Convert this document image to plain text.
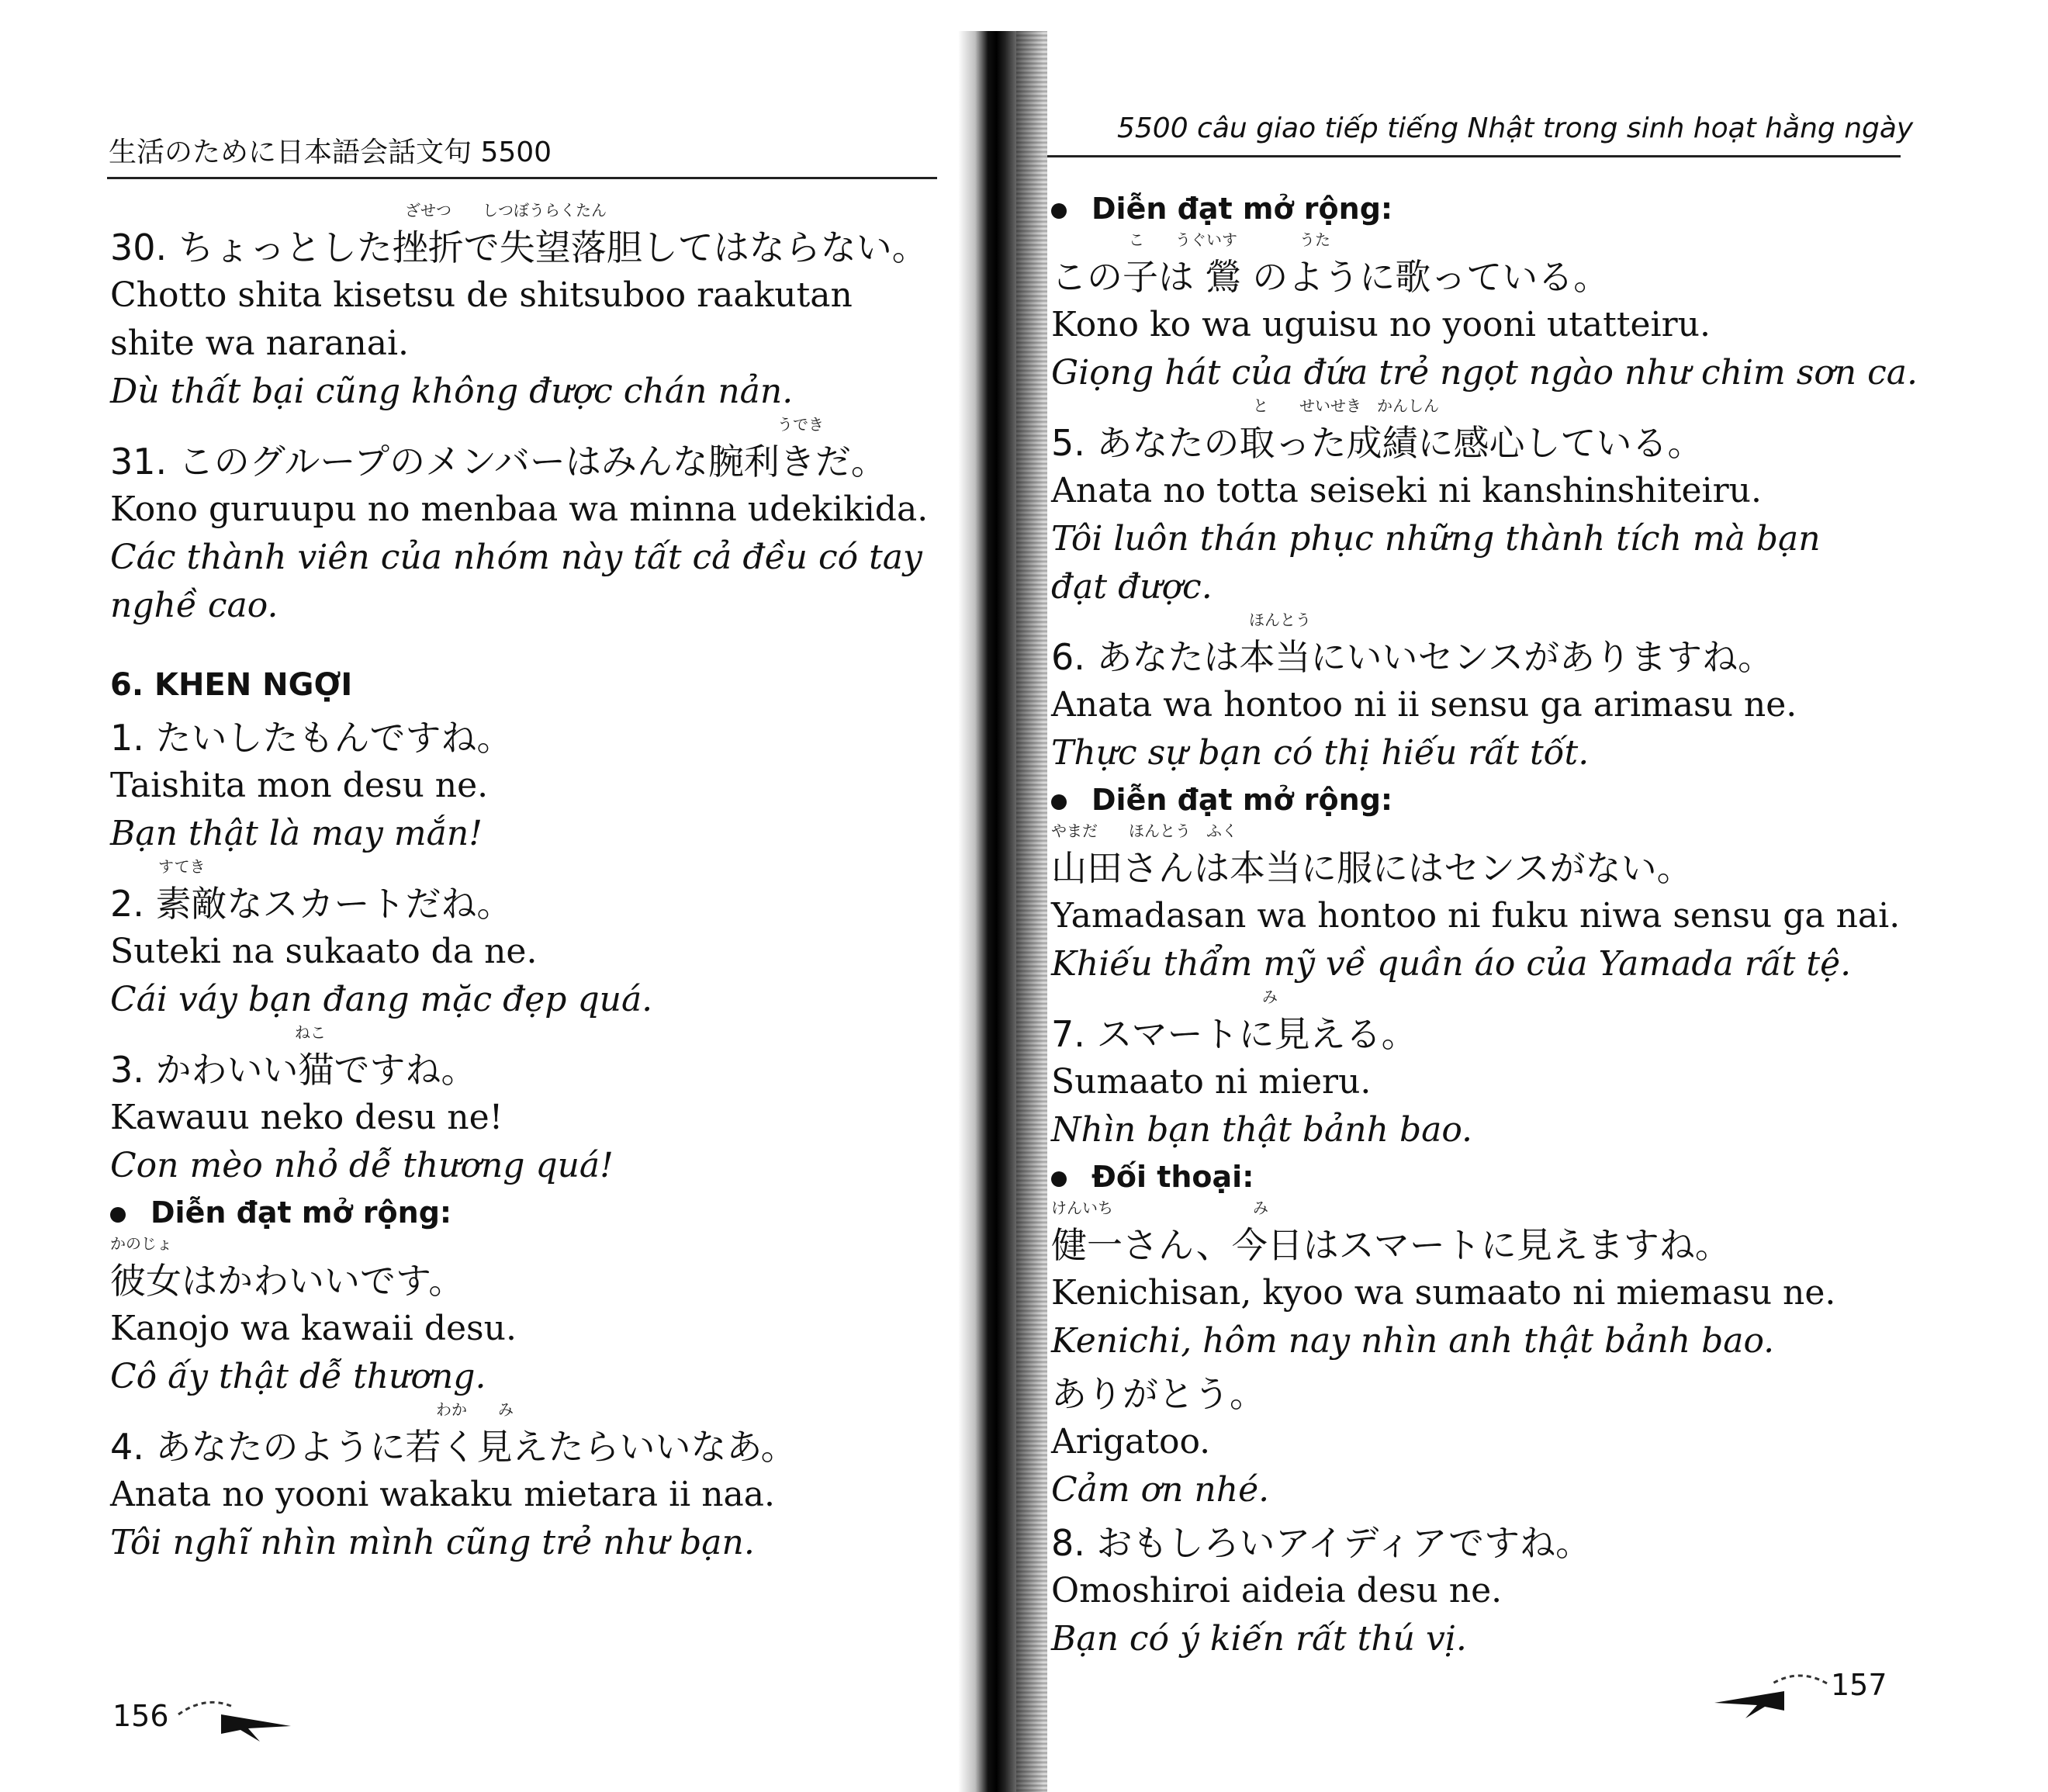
生活のために日本語会話文句 5500
ざせつ　　しつぼうらくたん
30. ちょっとした挫折で失望落胆してはならない。
Chotto shita kisetsu de shitsuboo raakutan
shite wa naranai.
Dù thất bại cũng không được chán nản.
うでき
31. このグループのメンバーはみんな腕利きだ。
Kono guruupu no menbaa wa minna udekikida.
Các thành viên của nhóm này tất cả đều có tay
nghề cao.
6. KHEN NGỢI
1. たいしたもんですね。
Taishita mon desu ne.
Bạn thật là may mắn!
すてき
2. 素敵なスカートだね。
Suteki na sukaato da ne.
Cái váy bạn đang mặc đẹp quá.
ねこ
3. かわいい猫ですね。
Kawauu neko desu ne!
Con mèo nhỏ dễ thương quá!
Diễn đạt mở rộng:
かのじょ
彼女はかわいいです。
Kanojo wa kawaii desu.
Cô ấy thật dễ thương.
わか　　み
4. あなたのように若く見えたらいいなあ。
Anata no yooni wakaku mietara ii naa.
Tôi nghĩ nhìn mình cũng trẻ như bạn.
156
5500 câu giao tiếp tiếng Nhật trong sinh hoạt hằng ngày
Diễn đạt mở rộng:
こ　　うぐいす　　　　うた
この子は 鶯 のように歌っている。
Kono ko wa uguisu no yooni utatteiru.
Giọng hát của đứa trẻ ngọt ngào như chim sơn ca.
と　　せいせき　かんしん
5. あなたの取った成績に感心している。
Anata no totta seiseki ni kanshinshiteiru.
Tôi luôn thán phục những thành tích mà bạn
đạt được.
ほんとう
6. あなたは本当にいいセンスがありますね。
Anata wa hontoo ni ii sensu ga arimasu ne.
Thực sự bạn có thị hiếu rất tốt.
Diễn đạt mở rộng:
やまだ　　ほんとう　ふく
山田さんは本当に服にはセンスがない。
Yamadasan wa hontoo ni fuku niwa sensu ga nai.
Khiếu thẩm mỹ về quần áo của Yamada rất tệ.
み
7. スマートに見える。
Sumaato ni mieru.
Nhìn bạn thật bảnh bao.
Đối thoại:
けんいち　　　　　　　　　み
健一さん、今日はスマートに見えますね。
Kenichisan, kyoo wa sumaato ni miemasu ne.
Kenichi, hôm nay nhìn anh thật bảnh bao.
ありがとう。
Arigatoo.
Cảm ơn nhé.
8. おもしろいアイディアですね。
Omoshiroi aideia desu ne.
Bạn có ý kiến rất thú vị.
157
